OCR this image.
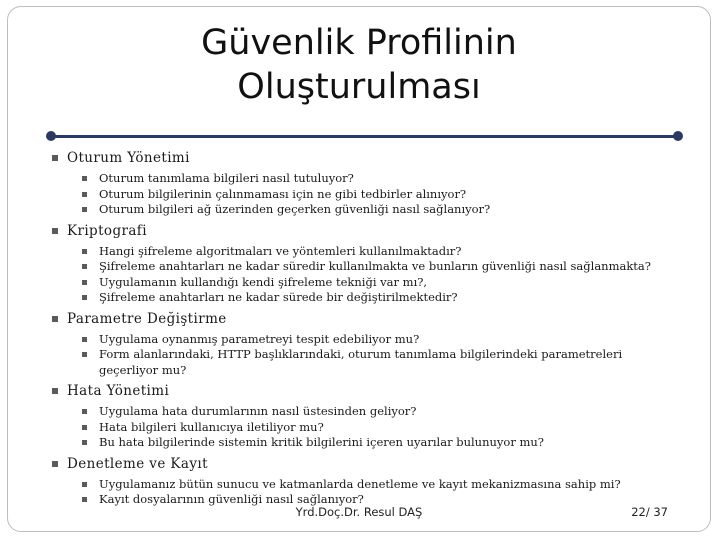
Güvenlik Profilinin
Oluşturulması
Oturum Yönetimi
Oturum tanımlama bilgileri nasıl tutuluyor?
Oturum bilgilerinin çalınmaması için ne gibi tedbirler alınıyor?
Oturum bilgileri ağ üzerinden geçerken güvenliği nasıl sağlanıyor?
Kriptografi
Hangi şifreleme algoritmaları ve yöntemleri kullanılmaktadır?
Şifreleme anahtarları ne kadar süredir kullanılmakta ve bunların güvenliği nasıl sağlanmakta?
Uygulamanın kullandığı kendi şifreleme tekniği var mı?,
Şifreleme anahtarları ne kadar sürede bir değiştirilmektedir?
Parametre Değiştirme
Uygulama oynanmış parametreyi tespit edebiliyor mu?
Form alanlarındaki, HTTP başlıklarındaki, oturum tanımlama bilgilerindeki parametreleri geçerliyor mu?
Hata Yönetimi
Uygulama hata durumlarının nasıl üstesinden geliyor?
Hata bilgileri kullanıcıya iletiliyor mu?
Bu hata bilgilerinde sistemin kritik bilgilerini içeren uyarılar bulunuyor mu?
Denetleme ve Kayıt
Uygulamanız bütün sunucu ve katmanlarda denetleme ve kayıt mekanizmasına sahip mi?
Kayıt dosyalarının güvenliği nasıl sağlanıyor?
Yrd.Doç.Dr. Resul DAŞ	22/ 37
